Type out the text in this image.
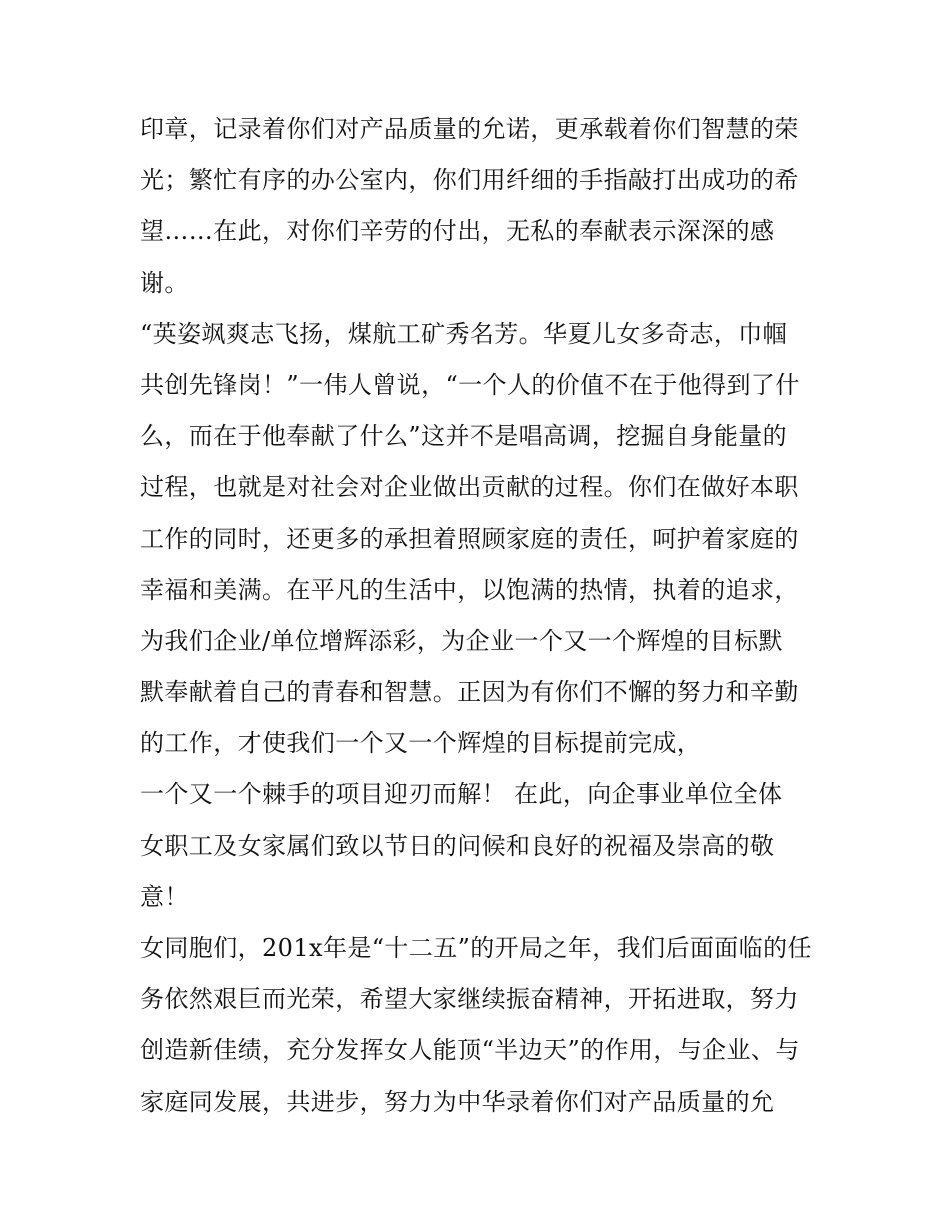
印章，记录着你们对产品质量的允诺，更承载着你们智慧的荣
光；繁忙有序的办公室内，你们用纤细的手指敲打出成功的希
望……在此，对你们辛劳的付出，无私的奉献表示深深的感
谢。
“英姿飒爽志飞扬，煤航工矿秀名芳。华夏儿女多奇志，巾帼
共创先锋岗！”一伟人曾说，“一个人的价值不在于他得到了什
么，而在于他奉献了什么”这并不是唱高调，挖掘自身能量的
过程，也就是对社会对企业做出贡献的过程。你们在做好本职
工作的同时，还更多的承担着照顾家庭的责任，呵护着家庭的
幸福和美满。在平凡的生活中，以饱满的热情，执着的追求，
为我们企业/单位增辉添彩，为企业一个又一个辉煌的目标默
默奉献着自己的青春和智慧。正因为有你们不懈的努力和辛勤
的工作，才使我们一个又一个辉煌的目标提前完成，
一个又一个棘手的项目迎刃而解！ 在此，向企事业单位全体
女职工及女家属们致以节日的问候和良好的祝福及崇高的敬
意！
女同胞们，201x年是“十二五”的开局之年，我们后面面临的任
务依然艰巨而光荣，希望大家继续振奋精神，开拓进取，努力
创造新佳绩，充分发挥女人能顶“半边天”的作用，与企业、与
家庭同发展，共进步，努力为中华录着你们对产品质量的允
